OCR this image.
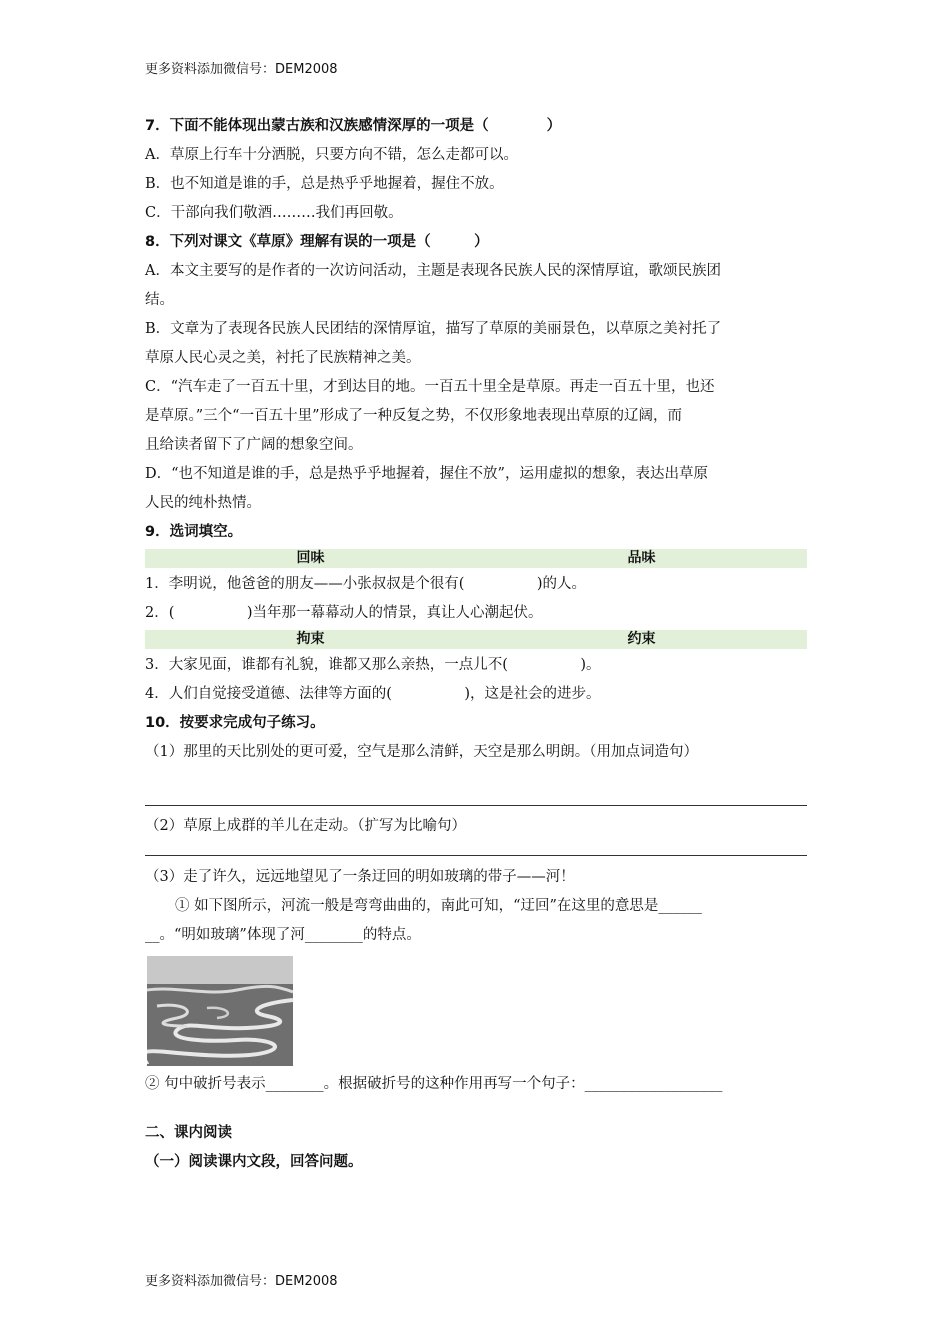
更多资料添加微信号：DEM2008
7．下面不能体现出蒙古族和汉族感情深厚的一项是（　　　　）
A．草原上行车十分洒脱，只要方向不错，怎么走都可以。
B．也不知道是谁的手，总是热乎乎地握着，握住不放。
C．干部向我们敬酒………我们再回敬。
8．下列对课文《草原》理解有误的一项是（　　　）
A．本文主要写的是作者的一次访问活动，主题是表现各民族人民的深情厚谊，歌颂民族团
结。
B．文章为了表现各民族人民团结的深情厚谊，描写了草原的美丽景色，以草原之美衬托了
草原人民心灵之美，衬托了民族精神之美。
C．“汽车走了一百五十里，才到达目的地。一百五十里全是草原。再走一百五十里，也还
是草原。”三个“一百五十里”形成了一种反复之势，不仅形象地表现出草原的辽阔，而
且给读者留下了广阔的想象空间。
D．“也不知道是谁的手，总是热乎乎地握着，握住不放”，运用虚拟的想象，表达出草原
人民的纯朴热情。
9．选词填空。
回味	品味
1．李明说，他爸爸的朋友——小张叔叔是个很有(　　　　　)的人。
2．(　　　　　)当年那一幕幕动人的情景，真让人心潮起伏。
拘束	约束
3．大家见面，谁都有礼貌，谁都又那么亲热，一点儿不(　　　　　)。
4．人们自觉接受道德、法律等方面的(　　　　　)，这是社会的进步。
10．按要求完成句子练习。
（1）那里的天比别处的更可爱，空气是那么清鲜，天空是那么明朗。（用加点词造句）
（2）草原上成群的羊儿在走动。（扩写为比喻句）
（3）走了许久，远远地望见了一条迂回的明如玻璃的带子——河！
① 如下图所示，河流一般是弯弯曲曲的，南此可知，“迂回”在这里的意思是______
__。“明如玻璃”体现了河________的特点。
② 句中破折号表示________。根据破折号的这种作用再写一个句子：___________________
二、课内阅读
（一）阅读课内文段，回答问题。
更多资料添加微信号：DEM2008
